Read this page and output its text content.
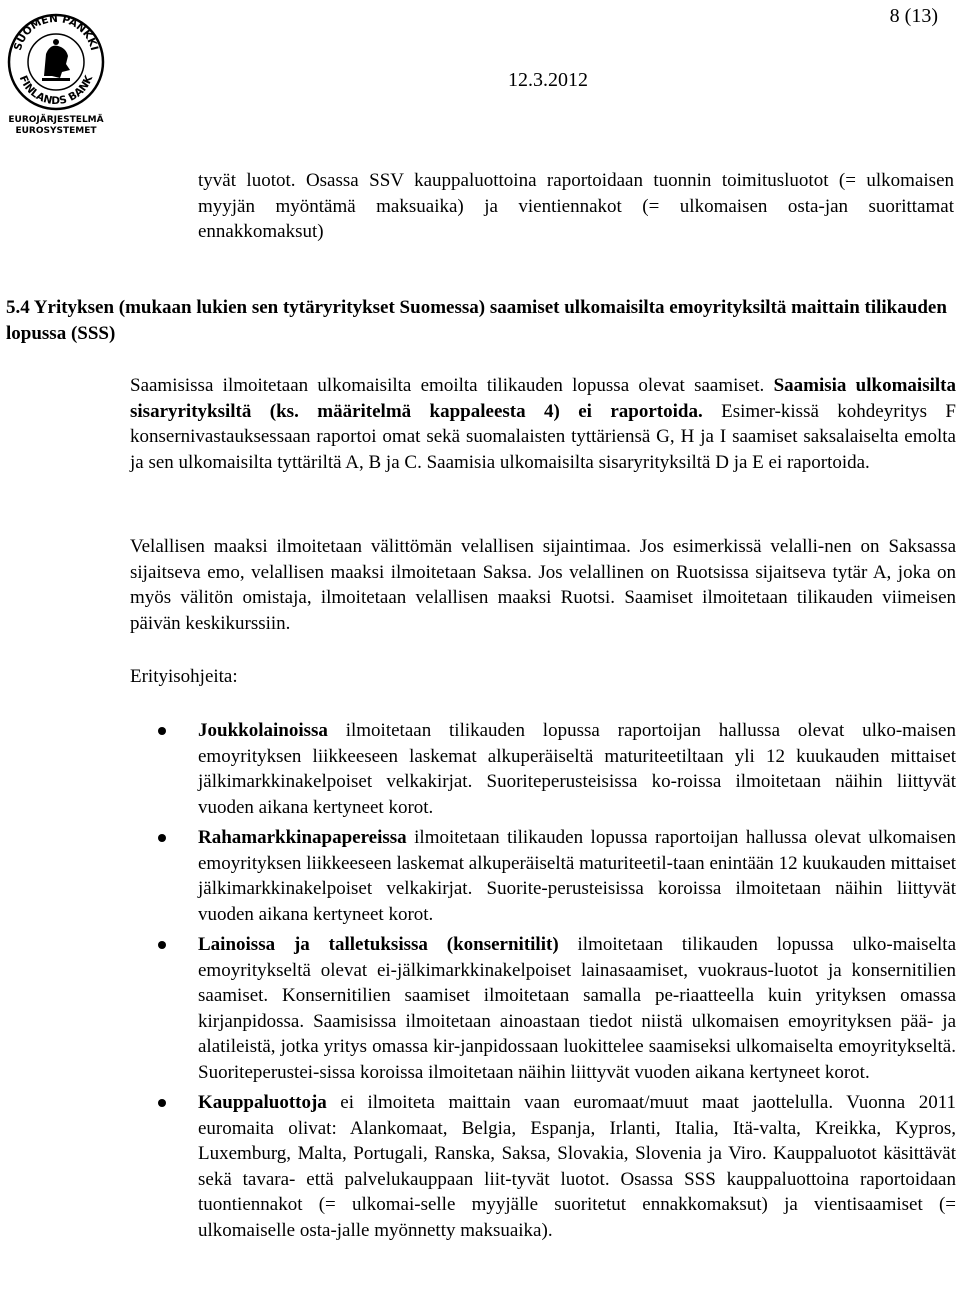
SUOMEN PANKKI
FINLANDS BANK
EUROJÄRJESTELMÄ
EUROSYSTEMET
8 (13)
12.3.2012

tyvät luotot. Osassa SSV kauppaluottoina raportoidaan tuonnin toimitusluotot (= ulkomaisen myyjän myöntämä maksuaika) ja vientiennakot (= ulkomaisen osta-jan suorittamat ennakkomaksut)

5.4 Yrityksen (mukaan lukien sen tytäryritykset Suomessa) saamiset ulkomaisilta emoyrityksiltä maittain tilikauden lopussa (SSS)

Saamisissa ilmoitetaan ulkomaisilta emoilta tilikauden lopussa olevat saamiset. Saamisia ulkomaisilta sisaryrityksiltä (ks. määritelmä kappaleesta 4) ei raportoida. Esimer-kissä kohdeyritys F konsernivastauksessaan raportoi omat sekä suomalaisten tyttäriensä G, H ja I saamiset saksalaiselta emolta ja sen ulkomaisilta tyttäriltä A, B ja C. Saamisia ulkomaisilta sisaryrityksiltä D ja E ei raportoida.

Velallisen maaksi ilmoitetaan välittömän velallisen sijaintimaa. Jos esimerkissä velalli-nen on Saksassa sijaitseva emo, velallisen maaksi ilmoitetaan Saksa. Jos velallinen on Ruotsissa sijaitseva tytär A, joka on myös välitön omistaja, ilmoitetaan velallisen maaksi Ruotsi. Saamiset ilmoitetaan tilikauden viimeisen päivän keskikurssiin.

Erityisohjeita:
Joukkolainoissa ilmoitetaan tilikauden lopussa raportoijan hallussa olevat ulko-maisen emoyrityksen liikkeeseen laskemat alkuperäiseltä maturiteetiltaan yli 12 kuukauden mittaiset jälkimarkkinakelpoiset velkakirjat. Suoriteperusteisissa ko-roissa ilmoitetaan näihin liittyvät vuoden aikana kertyneet korot.
Rahamarkkinapapereissa ilmoitetaan tilikauden lopussa raportoijan hallussa olevat ulkomaisen emoyrityksen liikkeeseen laskemat alkuperäiseltä maturiteetil-taan enintään 12 kuukauden mittaiset jälkimarkkinakelpoiset velkakirjat. Suorite-perusteisissa koroissa ilmoitetaan näihin liittyvät vuoden aikana kertyneet korot.
Lainoissa ja talletuksissa (konsernitilit) ilmoitetaan tilikauden lopussa ulko-maiselta emoyritykseltä olevat ei-jälkimarkkinakelpoiset lainasaamiset, vuokraus-luotot ja konsernitilien saamiset. Konsernitilien saamiset ilmoitetaan samalla pe-riaatteella kuin yrityksen omassa kirjanpidossa. Saamisissa ilmoitetaan ainoastaan tiedot niistä ulkomaisen emoyrityksen pää- ja alatileistä, jotka yritys omassa kir-janpidossaan luokittelee saamiseksi ulkomaiselta emoyritykseltä. Suoriteperustei-sissa koroissa ilmoitetaan näihin liittyvät vuoden aikana kertyneet korot.
Kauppaluottoja ei ilmoiteta maittain vaan euromaat/muut maat jaottelulla. Vuonna 2011 euromaita olivat: Alankomaat, Belgia, Espanja, Irlanti, Italia, Itä-valta, Kreikka, Kypros, Luxemburg, Malta, Portugali, Ranska, Saksa, Slovakia, Slovenia ja Viro. Kauppaluotot käsittävät sekä tavara- että palvelukauppaan liit-tyvät luotot. Osassa SSS kauppaluottoina raportoidaan tuontiennakot (= ulkomai-selle myyjälle suoritetut ennakkomaksut) ja vientisaamiset (= ulkomaiselle osta-jalle myönnetty maksuaika).
